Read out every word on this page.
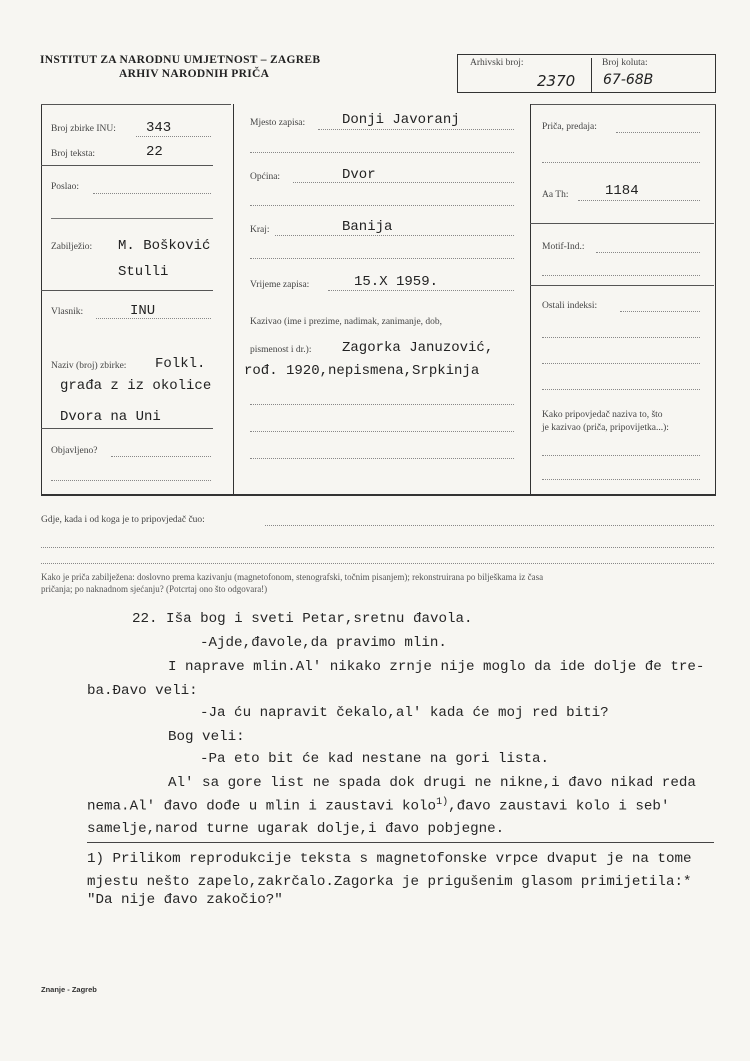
INSTITUT ZA NARODNU UMJETNOST – ZAGREB
ARHIV NARODNIH PRIČA
Arhivski broj:
2370
Broj koluta:
67-68B
Broj zbirke INU: 343
Broj teksta:	22
Poslao:
Zabilježio: M. Bošković
Stulli
Vlasnik:	INU
Naziv (broj) zbirke: Folkl.
građa z iz okolice
Dvora na Uni
Objavljeno?
Mjesto zapisa:	Donji Javoranj
Općina:	Dvor
Kraj:	Banija
Vrijeme zapisa:	15.X 1959.
Kazivao (ime i prezime, nadimak, zanimanje, dob,
pismenost i dr.): Zagorka Januzović,
rođ. 1920,nepismena,Srpkinja
Priča, predaja:
Aa Th:	1184
Motif-Ind.:
Ostali indeksi:
Kako pripovjedač naziva to, što
je kazivao (priča, pripovijetka...):
Gdje, kada i od koga je to pripovjedač čuo:
Kako je priča zabilježena: doslovno prema kazivanju (magnetofonom, stenografski, točnim pisanjem); rekonstruirana po bilješkama iz časa
pričanja; po naknadnom sjećanju? (Potcrtaj ono što odgovara!)
22. Iša bog i sveti Petar,sretnu đavola.
-Ajde,đavole,da pravimo mlin.
I naprave mlin.Al' nikako zrnje nije moglo da ide dolje đe tre-
ba.Đavo veli:
-Ja ću napravit čekalo,al' kada će moj red biti?
Bog veli:
-Pa eto bit će kad nestane na gori lista.
Al' sa gore list ne spada dok drugi ne nikne,i đavo nikad reda
nema.Al' đavo dođe u mlin i zaustavi kolo$^{1)}$,đavo zaustavi kolo i seb'
samelje,narod turne ugarak dolje,i đavo pobjegne.
1) Prilikom reprodukcije teksta s magnetofonske vrpce dvaput je na tome
mjestu nešto zapelo,zakrčalo.Zagorka je prigušenim glasom primijetila:*
"Da nije đavo zakočio?"
Znanje - Zagreb
